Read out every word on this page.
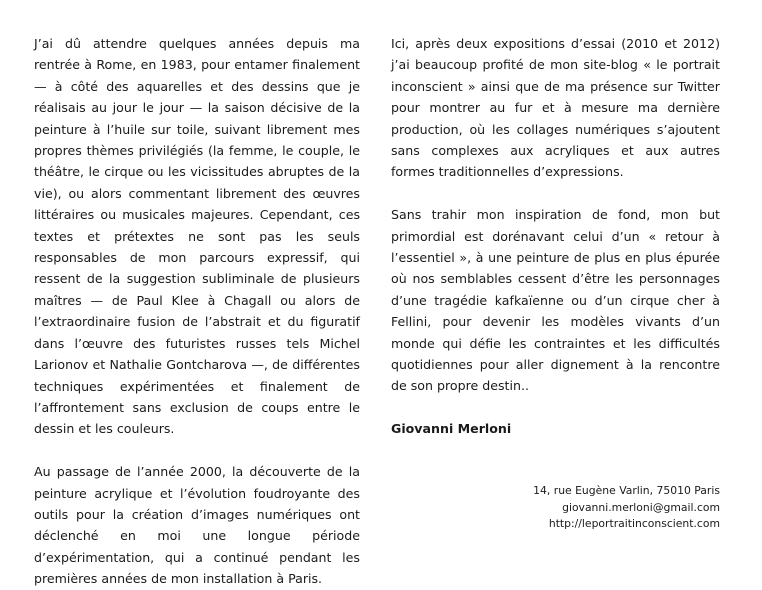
J’ai dû attendre quelques années depuis ma rentrée à Rome, en 1983, pour entamer finalement — à côté des aquarelles et des dessins que je réalisais au jour le jour — la saison décisive de la peinture à l’huile sur toile, suivant librement mes propres thèmes privilégiés (la femme, le couple, le théâtre, le cirque ou les vicissitudes abruptes de la vie), ou alors commentant librement des œuvres littéraires ou musicales majeures. Cependant, ces textes et prétextes ne sont pas les seuls responsables de mon parcours expressif, qui ressent de la suggestion subliminale de plusieurs maîtres — de Paul Klee à Chagall ou alors de l’extraordinaire fusion de l’abstrait et du figuratif dans l’œuvre des futuristes russes tels Michel Larionov et Nathalie Gontcharova —, de différentes techniques expérimentées et finalement de l’affrontement sans exclusion de coups entre le dessin et les couleurs.

Au passage de l’année 2000, la découverte de la peinture acrylique et l’évolution foudroyante des outils pour la création d’images numériques ont déclenché en moi une longue période d’expérimentation, qui a continué pendant les premières années de mon installation à Paris.

Ici, après deux expositions d’essai (2010 et 2012) j’ai beaucoup profité de mon site-blog « le portrait inconscient » ainsi que de ma présence sur Twitter pour montrer au fur et à mesure ma dernière production, où les collages numériques s’ajoutent sans complexes aux acryliques et aux autres formes traditionnelles d’expressions.

Sans trahir mon inspiration de fond, mon but primordial est dorénavant celui d’un « retour à l’essentiel », à une peinture de plus en plus épurée où nos semblables cessent d’être les personnages d’une tragédie kafkaïenne ou d’un cirque cher à Fellini, pour devenir les modèles vivants d’un monde qui défie les contraintes et les difficultés quotidiennes pour aller dignement à la rencontre de son propre destin..

Giovanni Merloni
14, rue Eugène Varlin, 75010 Paris
giovanni.merloni@gmail.com
http://leportraitinconscient.com
